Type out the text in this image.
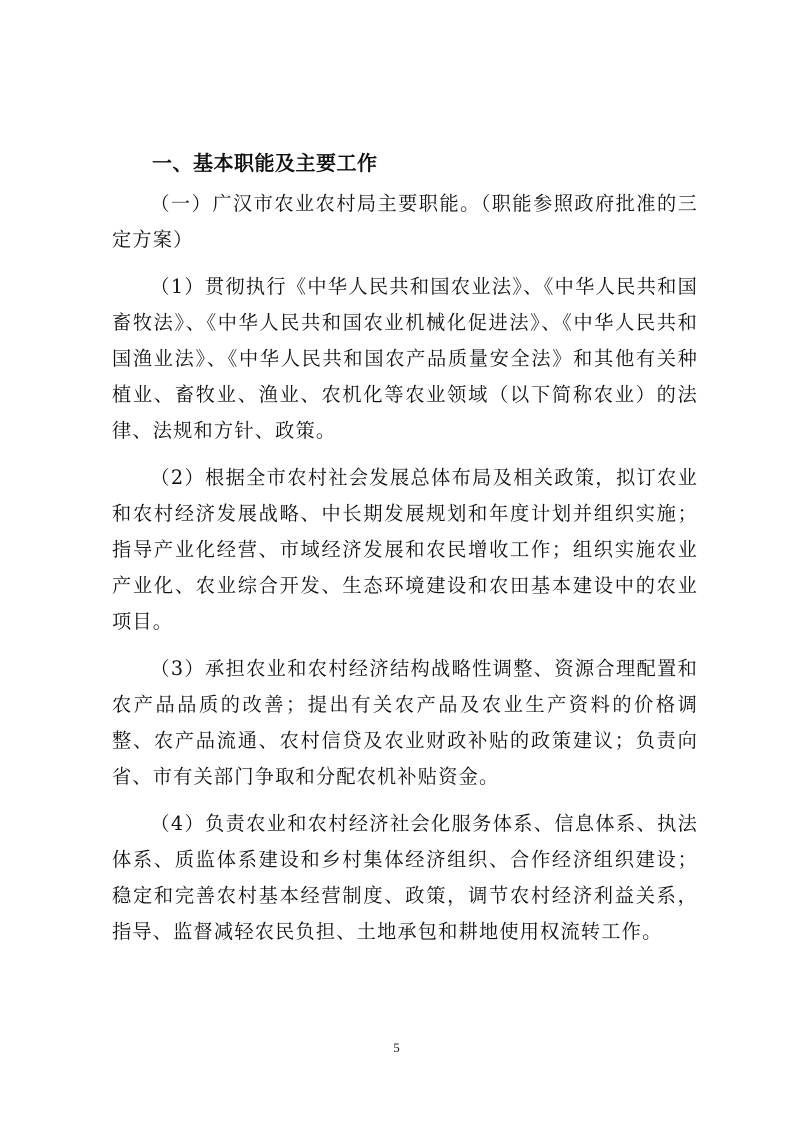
一、基本职能及主要工作

（一）广汉市农业农村局主要职能。（职能参照政府批准的三定方案）

（1）贯彻执行《中华人民共和国农业法》、《中华人民共和国畜牧法》、《中华人民共和国农业机械化促进法》、《中华人民共和国渔业法》、《中华人民共和国农产品质量安全法》和其他有关种植业、畜牧业、渔业、农机化等农业领域（以下简称农业）的法律、法规和方针、政策。

（2）根据全市农村社会发展总体布局及相关政策，拟订农业和农村经济发展战略、中长期发展规划和年度计划并组织实施；指导产业化经营、市域经济发展和农民增收工作；组织实施农业产业化、农业综合开发、生态环境建设和农田基本建设中的农业项目。

（3）承担农业和农村经济结构战略性调整、资源合理配置和农产品品质的改善；提出有关农产品及农业生产资料的价格调整、农产品流通、农村信贷及农业财政补贴的政策建议；负责向省、市有关部门争取和分配农机补贴资金。

（4）负责农业和农村经济社会化服务体系、信息体系、执法体系、质监体系建设和乡村集体经济组织、合作经济组织建设；稳定和完善农村基本经营制度、政策，调节农村经济利益关系，指导、监督减轻农民负担、土地承包和耕地使用权流转工作。

5
